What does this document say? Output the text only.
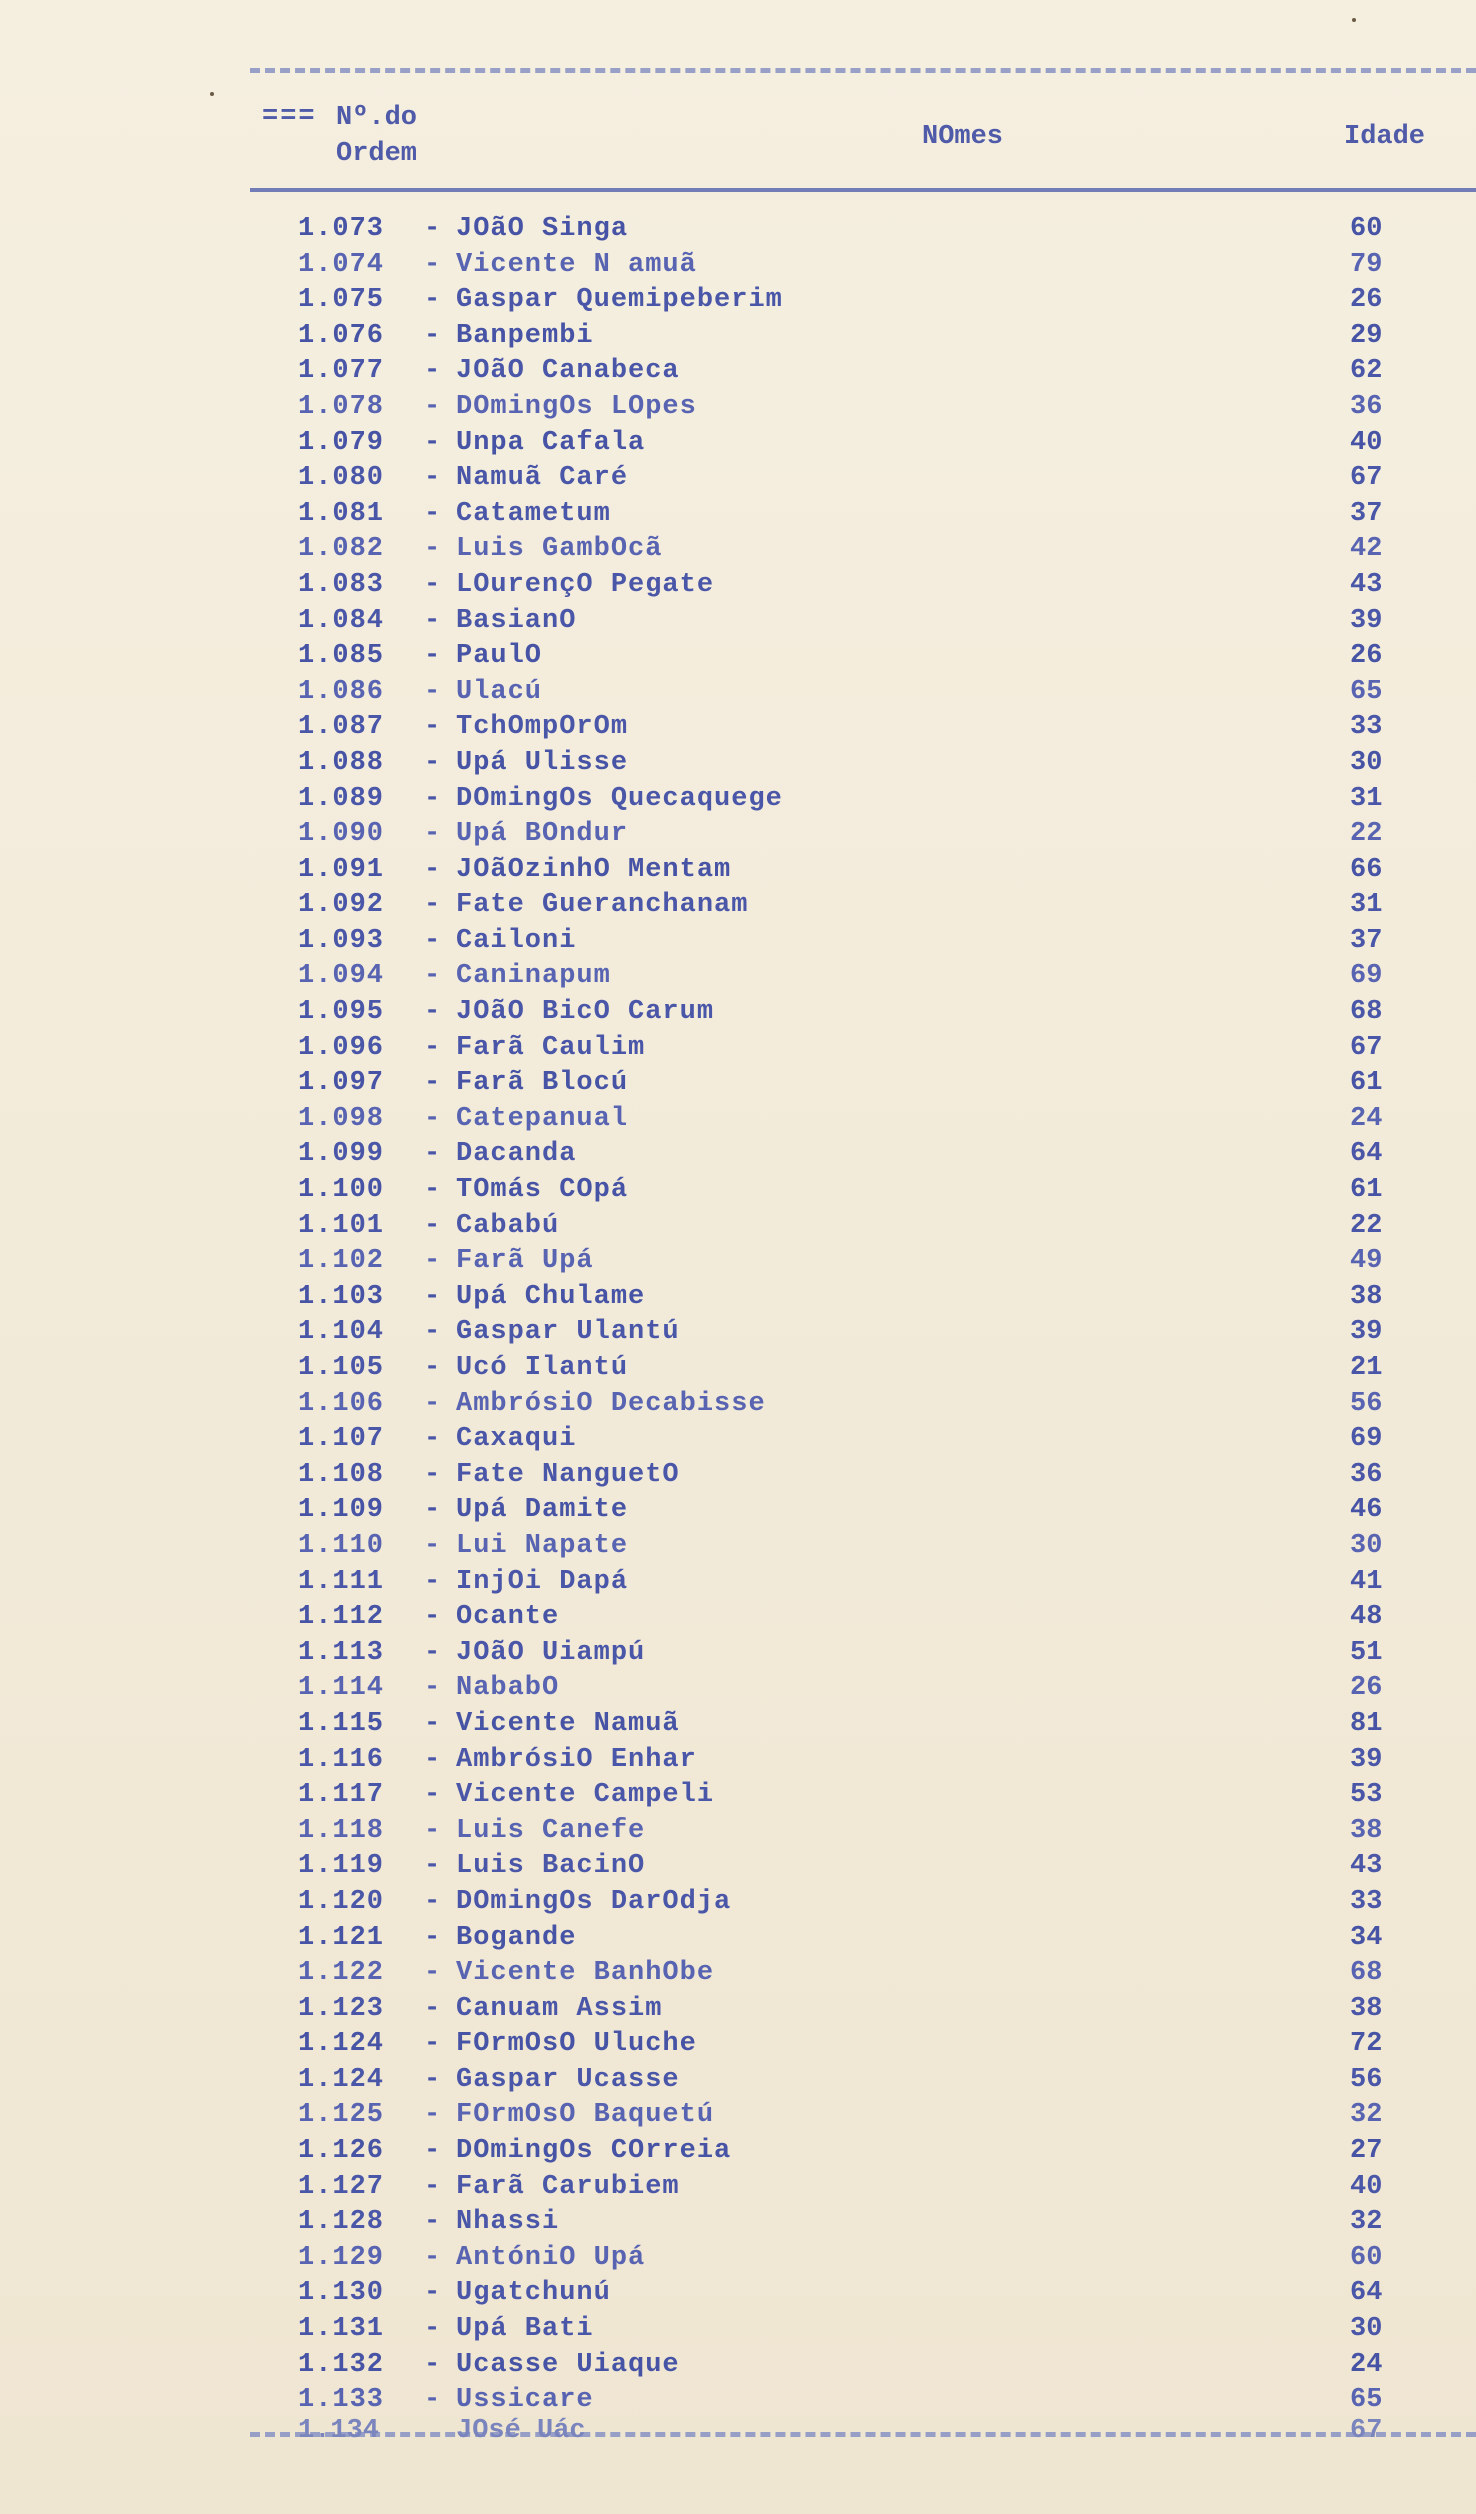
=== Nº.do
Ordem
NOmes	Idade
1.073 - JOãO Singa	60
1.074 - Vicente N amuã	79
1.075 - Gaspar Quemipeberim	26
1.076 - Banpembi	29
1.077 - JOãO Canabeca	62
1.078 - DOmingOs LOpes	36
1.079 - Unpa Cafala	40
1.080 - Namuã Caré	67
1.081 - Catametum	37
1.082 - Luis GambOcã	42
1.083 - LOurençO Pegate	43
1.084 - BasianO	39
1.085 - PaulO	26
1.086 - Ulacú	65
1.087 - TchOmpOrOm	33
1.088 - Upá Ulisse	30
1.089 - DOmingOs Quecaquege	31
1.090 - Upá BOndur	22
1.091 - JOãOzinhO Mentam	66
1.092 - Fate Gueranchanam	31
1.093 - Cailoni	37
1.094 - Caninapum	69
1.095 - JOãO BicO Carum	68
1.096 - Farã Caulim	67
1.097 - Farã Blocú	61
1.098 - Catepanual	24
1.099 - Dacanda	64
1.100 - TOmás COpá	61
1.101 - Cababú	22
1.102 - Farã Upá	49
1.103 - Upá Chulame	38
1.104 - Gaspar Ulantú	39
1.105 - Ucó Ilantú	21
1.106 - AmbrósiO Decabisse	56
1.107 - Caxaqui	69
1.108 - Fate NanguetO	36
1.109 - Upá Damite	46
1.110 - Lui Napate	30
1.111 - InjOi Dapá	41
1.112 - Ocante	48
1.113 - JOãO Uiampú	51
1.114 - NababO	26
1.115 - Vicente Namuã	81
1.116 - AmbrósiO Enhar	39
1.117 - Vicente Campeli	53
1.118 - Luis Canefe	38
1.119 - Luis BacinO	43
1.120 - DOmingOs DarOdja	33
1.121 - Bogande	34
1.122 - Vicente BanhObe	68
1.123 - Canuam Assim	38
1.124 - FOrmOsO Uluche	72
1.124 - Gaspar Ucasse	56
1.125 - FOrmOsO Baquetú	32
1.126 - DOmingOs COrreia	27
1.127 - Farã Carubiem	40
1.128 - Nhassi	32
1.129 - AntóniO Upá	60
1.130 - Ugatchunú	64
1.131 - Upá Bati	30
1.132 - Ucasse Uiaque	24
1.133 - Ussicare	65
1.134	JOsé Uác	67
